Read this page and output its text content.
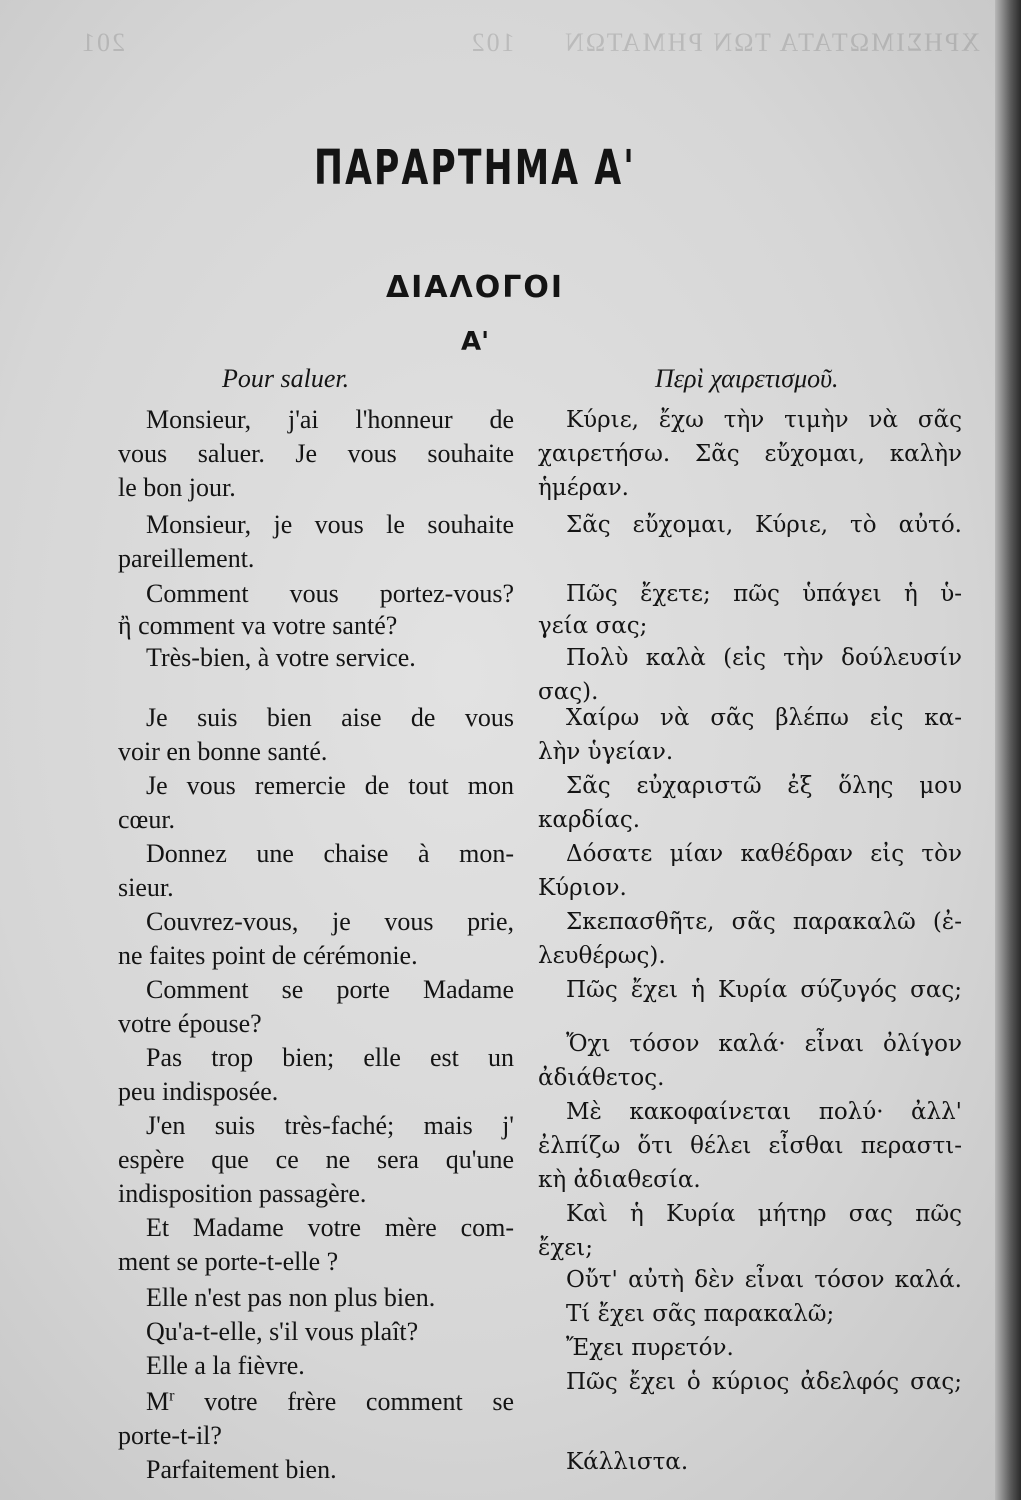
ΧΡΗΣΙΜΩΤΑΤΑ ΤΩΝ ΡΗΜΑΤΩΝ 102
201
ΠΑΡΑΡΤΗΜΑ Α'
ΔΙΑΛΟΓΟΙ
Α'
Pour saluer.	Περὶ χαιρετισμοῦ.
Monsieur, j'ai l'honneur de
vous saluer. Je vous souhaite
le bon jour.
Monsieur, je vous le souhaite
pareillement.
Comment vous portez-vous?
ἢ comment va votre santé?
Très-bien, à votre service.
Je suis bien aise de vous
voir en bonne santé.
Je vous remercie de tout mon
cœur.
Donnez une chaise à mon-
sieur.
Couvrez-vous, je vous prie,
ne faites point de cérémonie.
Comment se porte Madame
votre épouse?
Pas trop bien; elle est un
peu indisposée.
J'en suis très-faché; mais j'
espère que ce ne sera qu'une
indisposition passagère.
Et Madame votre mère com-
ment se porte-t-elle ?
Elle n'est pas non plus bien.
Qu'a-t-elle, s'il vous plaît?
Elle a la fièvre.
$M^r$ votre frère comment se
porte-t-il?
Parfaitement bien.
Κύριε, ἔχω τὴν τιμὴν νὰ σᾶς
χαιρετήσω. Σᾶς εὔχομαι, καλὴν
ἡμέραν.
Σᾶς εὔχομαι, Κύριε, τὸ αὐτό.
Πῶς ἔχετε; πῶς ὑπάγει ἡ ὑ-
γεία σας;
Πολὺ καλὰ (εἰς τὴν δούλευσίν
σας).
Χαίρω νὰ σᾶς βλέπω εἰς κα-
λὴν ὑγείαν.
Σᾶς εὐχαριστῶ ἐξ ὅλης μου
καρδίας.
Δόσατε μίαν καθέδραν εἰς τὸν
Κύριον.
Σκεπασθῆτε, σᾶς παρακαλῶ (ἐ-
λευθέρως).
Πῶς ἔχει ἡ Κυρία σύζυγός σας;
Ὄχι τόσον καλά· εἶναι ὀλίγον
ἀδιάθετος.
Μὲ κακοφαίνεται πολύ· ἀλλ'
ἐλπίζω ὅτι θέλει εἶσθαι περαστι-
κὴ ἀδιαθεσία.
Καὶ ἡ Κυρία μήτηρ σας πῶς
ἔχει;
Οὔτ' αὐτὴ δὲν εἶναι τόσον καλά.
Τί ἔχει σᾶς παρακαλῶ;
Ἔχει πυρετόν.
Πῶς ἔχει ὁ κύριος ἀδελφός σας;
Κάλλιστα.
